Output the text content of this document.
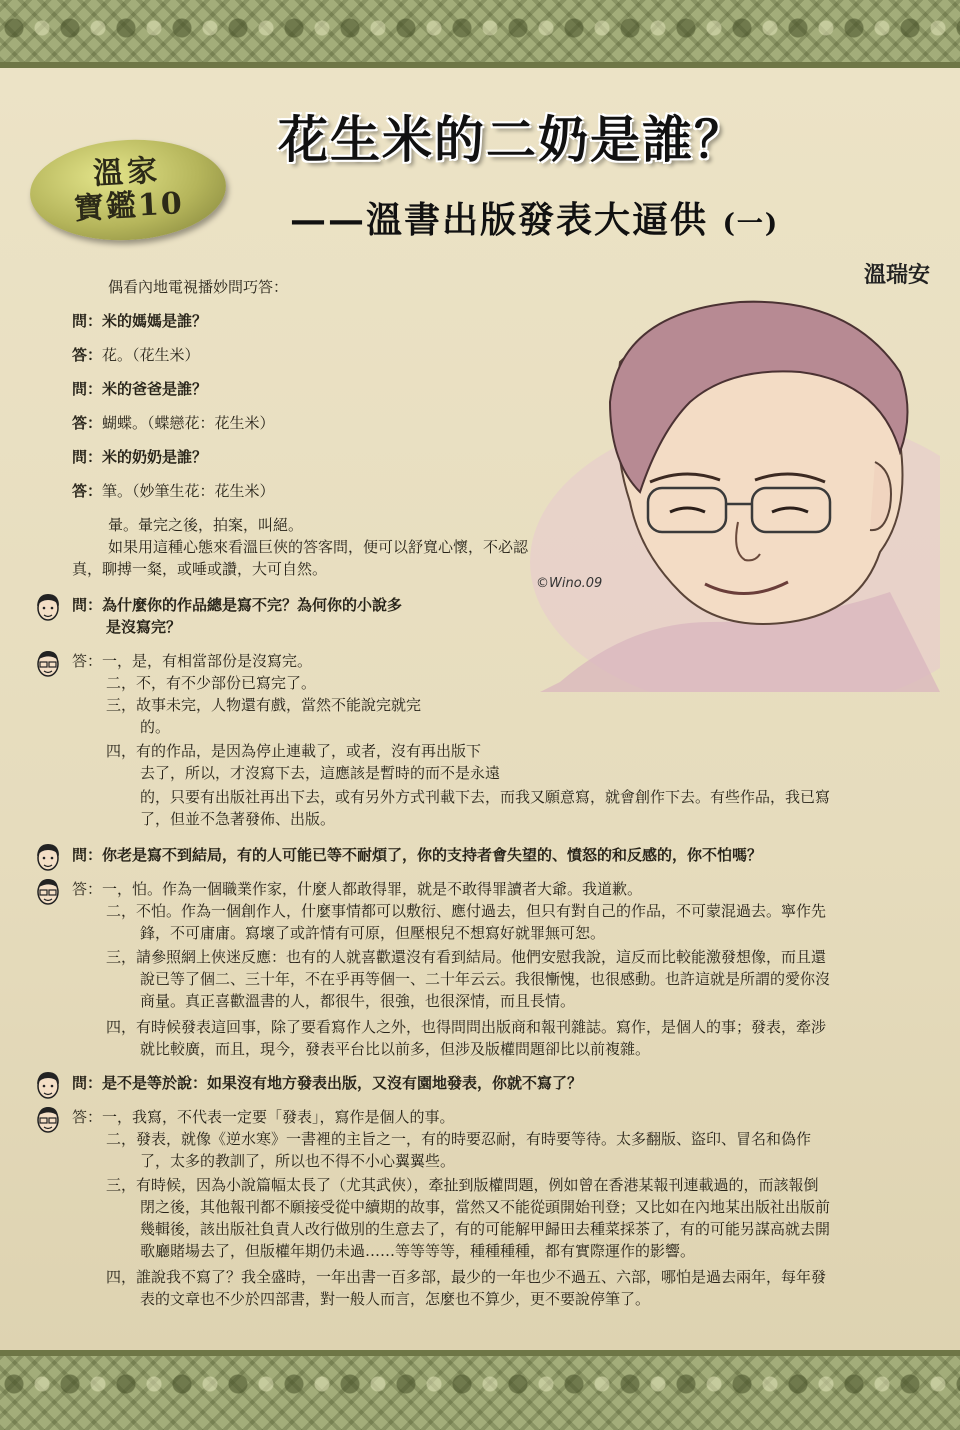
溫家
寶鑑10
花生米的二奶是誰？
——溫書出版發表大逼供 (一)
溫瑞安
©Wino.09
偶看內地電視播妙問巧答：
問：米的媽媽是誰？
答：花。（花生米）
問：米的爸爸是誰？
答：蝴蝶。（蝶戀花：花生米）
問：米的奶奶是誰？
答：筆。（妙筆生花：花生米）
暈。暈完之後，拍案，叫絕。
如果用這種心態來看溫巨俠的答客問，便可以舒寬心懷，不必認
真，聊搏一粲，或唾或讚，大可自然。
問：為什麼你的作品總是寫不完？為何你的小說多
是沒寫完？
答：一，是，有相當部份是沒寫完。
二，不，有不少部份已寫完了。
三，故事未完，人物還有戲，當然不能說完就完
的。
四，有的作品，是因為停止連載了，或者，沒有再出版下
去了，所以，才沒寫下去，這應該是暫時的而不是永遠
的，只要有出版社再出下去，或有另外方式刊載下去，而我又願意寫，就會創作下去。有些作品，我已寫
了，但並不急著發佈、出版。
問：你老是寫不到結局，有的人可能已等不耐煩了，你的支持者會失望的、憤怒的和反感的，你不怕嗎？
答：一，怕。作為一個職業作家，什麼人都敢得罪，就是不敢得罪讀者大爺。我道歉。
二，不怕。作為一個創作人，什麼事情都可以敷衍、應付過去，但只有對自己的作品，不可蒙混過去。寧作先
鋒，不可庸庸。寫壞了或許情有可原，但壓根兒不想寫好就罪無可恕。
三，請參照網上俠迷反應：也有的人就喜歡還沒有看到結局。他們安慰我說，這反而比較能激發想像，而且還
說已等了個二、三十年，不在乎再等個一、二十年云云。我很慚愧，也很感動。也許這就是所謂的愛你沒
商量。真正喜歡溫書的人，都很牛，很強，也很深情，而且長情。
四，有時候發表這回事，除了要看寫作人之外，也得問問出版商和報刊雜誌。寫作，是個人的事；發表，牽涉
就比較廣，而且，現今，發表平台比以前多，但涉及版權問題卻比以前複雜。
問：是不是等於說：如果沒有地方發表出版，又沒有園地發表，你就不寫了？
答：一，我寫，不代表一定要「發表」，寫作是個人的事。
二，發表，就像《逆水寒》一書裡的主旨之一，有的時要忍耐，有時要等待。太多翻版、盜印、冒名和偽作
了，太多的教訓了，所以也不得不小心翼翼些。
三，有時候，因為小說篇幅太長了（尤其武俠），牽扯到版權問題，例如曾在香港某報刊連載過的，而該報倒
閉之後，其他報刊都不願接受從中續期的故事，當然又不能從頭開始刊登；又比如在內地某出版社出版前
幾輯後，該出版社負責人改行做別的生意去了，有的可能解甲歸田去種菜採茶了，有的可能另謀高就去開
歌廳賭場去了，但版權年期仍未過……等等等等，種種種種，都有實際運作的影響。
四，誰說我不寫了？我全盛時，一年出書一百多部，最少的一年也少不過五、六部，哪怕是過去兩年，每年發
表的文章也不少於四部書，對一般人而言，怎麼也不算少，更不要說停筆了。
